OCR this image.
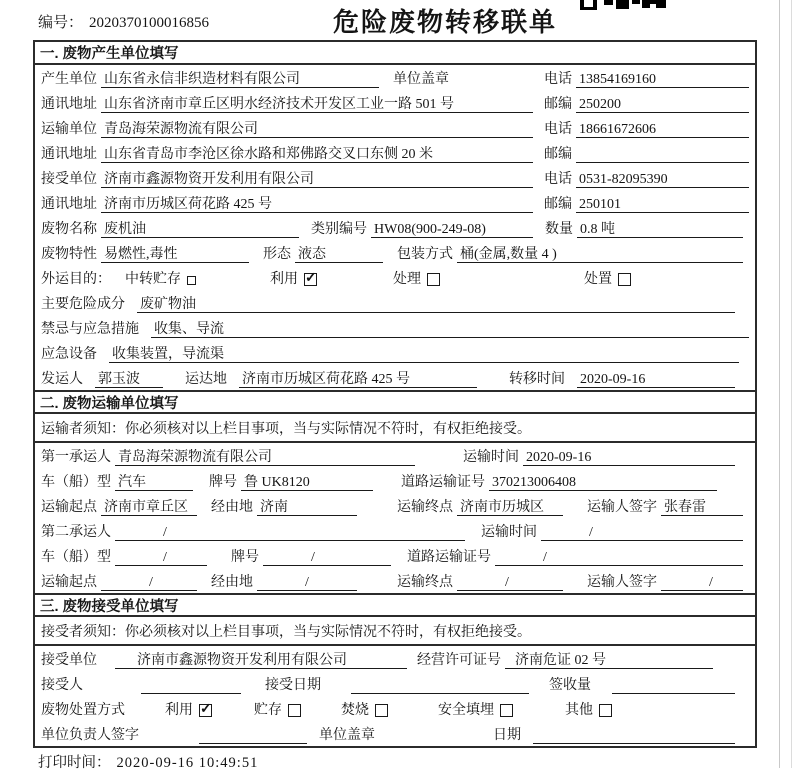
编号： 2020370100016856	危险废物转移联单
一. 废物产生单位填写
产生单位 山东省永信非织造材料有限公司	单位盖章	电话 13854169160
通讯地址 山东省济南市章丘区明水经济技术开发区工业一路 501 号	邮编 250200
运输单位 青岛海荣源物流有限公司	电话 18661672606
通讯地址 山东省青岛市李沧区徐水路和郑佛路交叉口东侧 20 米	邮编
接受单位 济南市鑫源物资开发利用有限公司	电话 0531-82095390
通讯地址 济南市历城区荷花路 425 号	邮编 250101
废物名称 废机油	类别编号 HW08(900-249-08)	数量 0.8 吨
废物特性 易燃性,毒性	形态 液态	包装方式 桶(金属,数量 4 )
外运目的： 中转贮存	利用 ✓	处理	处置
主要危险成分 废矿物油
禁忌与应急措施 收集、导流
应急设备 收集装置，导流渠
发运人 郭玉波	运达地 济南市历城区荷花路 425 号	转移时间 2020-09-16
二. 废物运输单位填写
运输者须知：你必须核对以上栏目事项，当与实际情况不符时，有权拒绝接受。
第一承运人 青岛海荣源物流有限公司	运输时间 2020-09-16
车（船）型 汽车	牌号 鲁 UK8120	道路运输证号 370213006408
运输起点 济南市章丘区	经由地 济南	运输终点 济南市历城区	运输人签字 张春雷
第二承运人	/	运输时间	/
车（船）型	/	牌号	/	道路运输证号	/
运输起点	/	经由地	/	运输终点	/	运输人签字	/
三. 废物接受单位填写
接受者须知：你必须核对以上栏目事项，当与实际情况不符时，有权拒绝接受。
接受单位	济南市鑫源物资开发利用有限公司	经营许可证号	济南危证 02 号
接受人	接受日期	签收量
废物处置方式	利用 ✓	贮存	焚烧	安全填埋	其他
单位负责人签字	单位盖章	日期
打印时间： 2020-09-16 10:49:51
